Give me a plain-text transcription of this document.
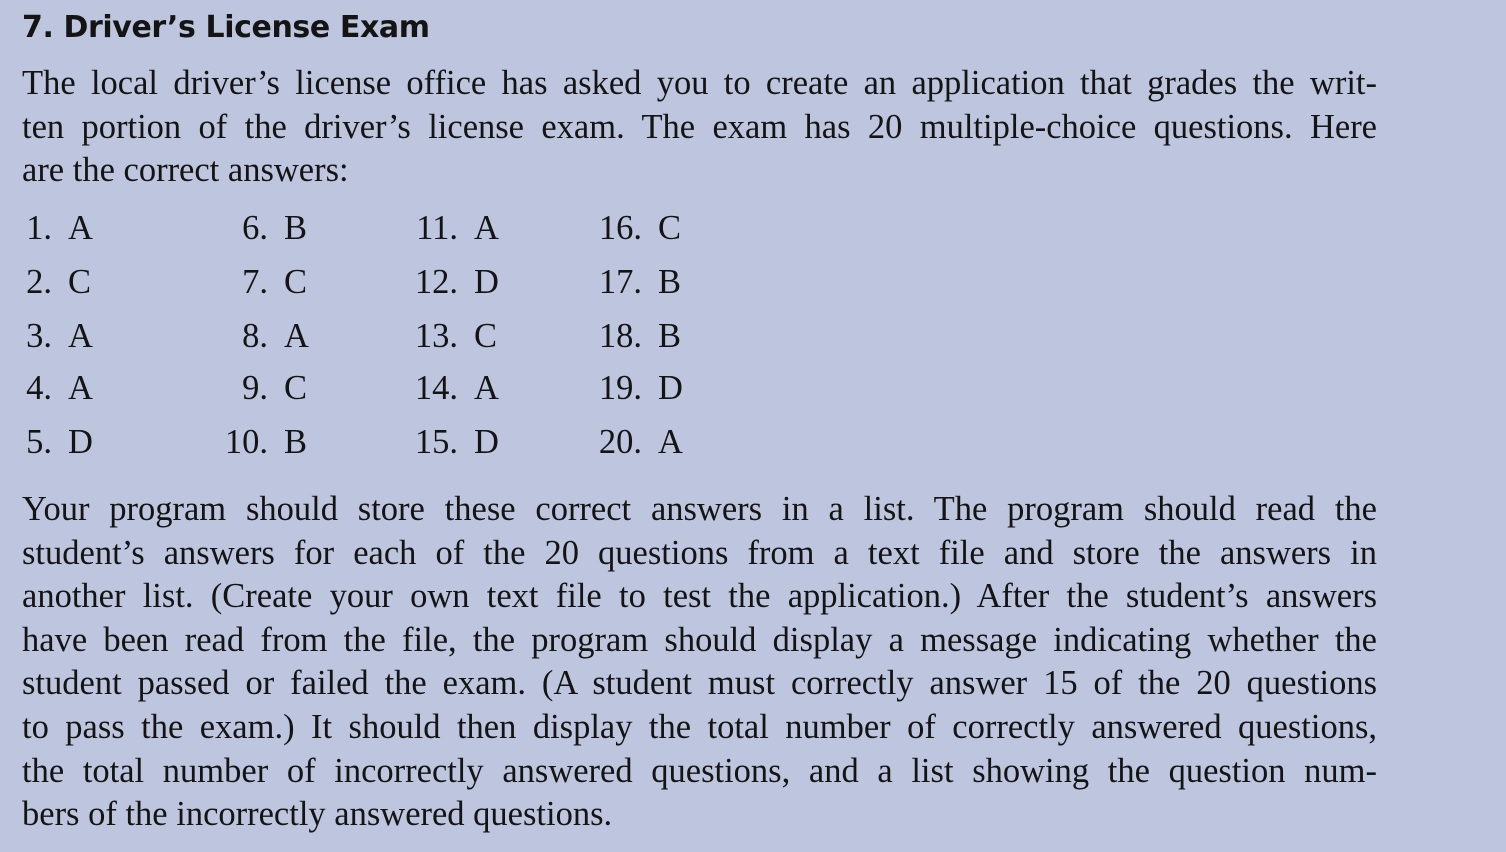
7. Driver’s License Exam
The local driver’s license office has asked you to create an application that grades the writ-
ten portion of the driver’s license exam. The exam has 20 multiple-choice questions. Here
are the correct answers:
1. A
2. C
3. A
4. A
5. D
6. B
7. C
8. A
9. C
10. B
11. A
12. D
13. C
14. A
15. D
16. C
17. B
18. B
19. D
20. A
Your program should store these correct answers in a list. The program should read the
student’s answers for each of the 20 questions from a text file and store the answers in
another list. (Create your own text file to test the application.) After the student’s answers
have been read from the file, the program should display a message indicating whether the
student passed or failed the exam. (A student must correctly answer 15 of the 20 questions
to pass the exam.) It should then display the total number of correctly answered questions,
the total number of incorrectly answered questions, and a list showing the question num-
bers of the incorrectly answered questions.
